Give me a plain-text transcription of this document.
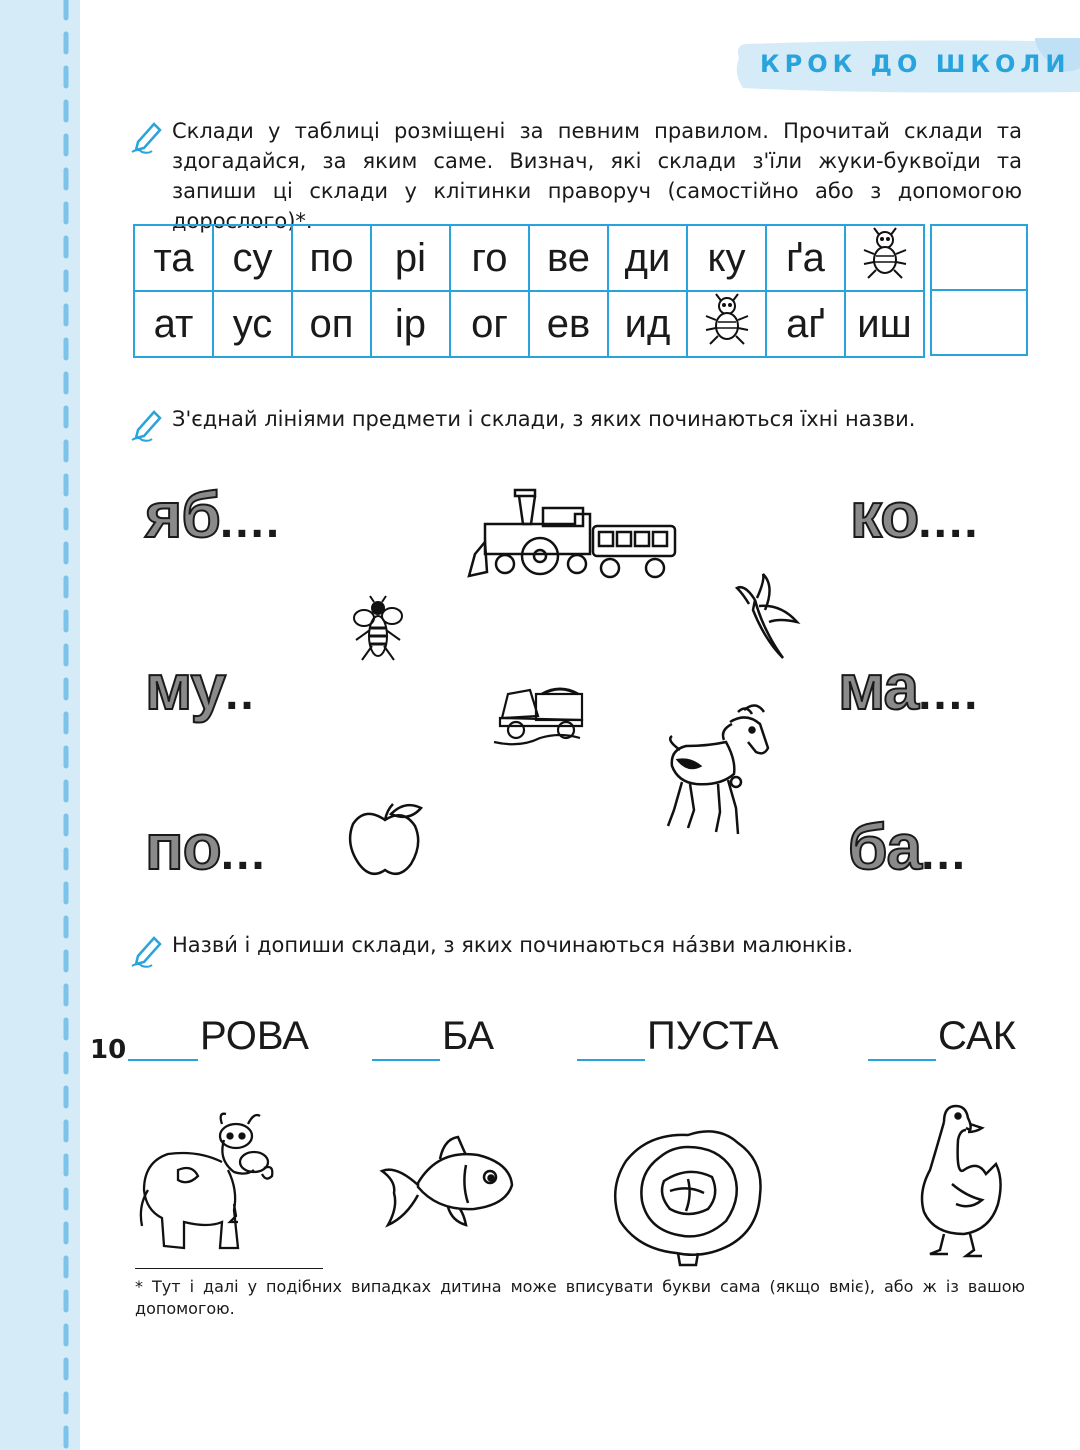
КРОК ДО ШКОЛИ
Склади у таблиці розміщені за певним правилом. Прочитай склади та здогадайся, за яким саме. Визнач, які склади з'їли жуки-буквоїди та запиши ці склади у клітинки праворуч (самостійно або з допомогою дорослого)*.
та	су	по	рі	го	ве	ди	ку	ґа	
ат	ус	оп	ір	ог	ев	ид		аґ	иш

З'єднай лініями предмети і склади, з яких починаються їхні назви.
яб....
му..
по...
ко....
ма....
ба...
Назви́ і допиши склади, з яких починаються на́зви малюнків.
РОВА	БА	ПУСТА	САК
* Тут і далі у подібних випадках дитина може вписувати букви сама (якщо вміє), або ж із вашою допомогою.
10
